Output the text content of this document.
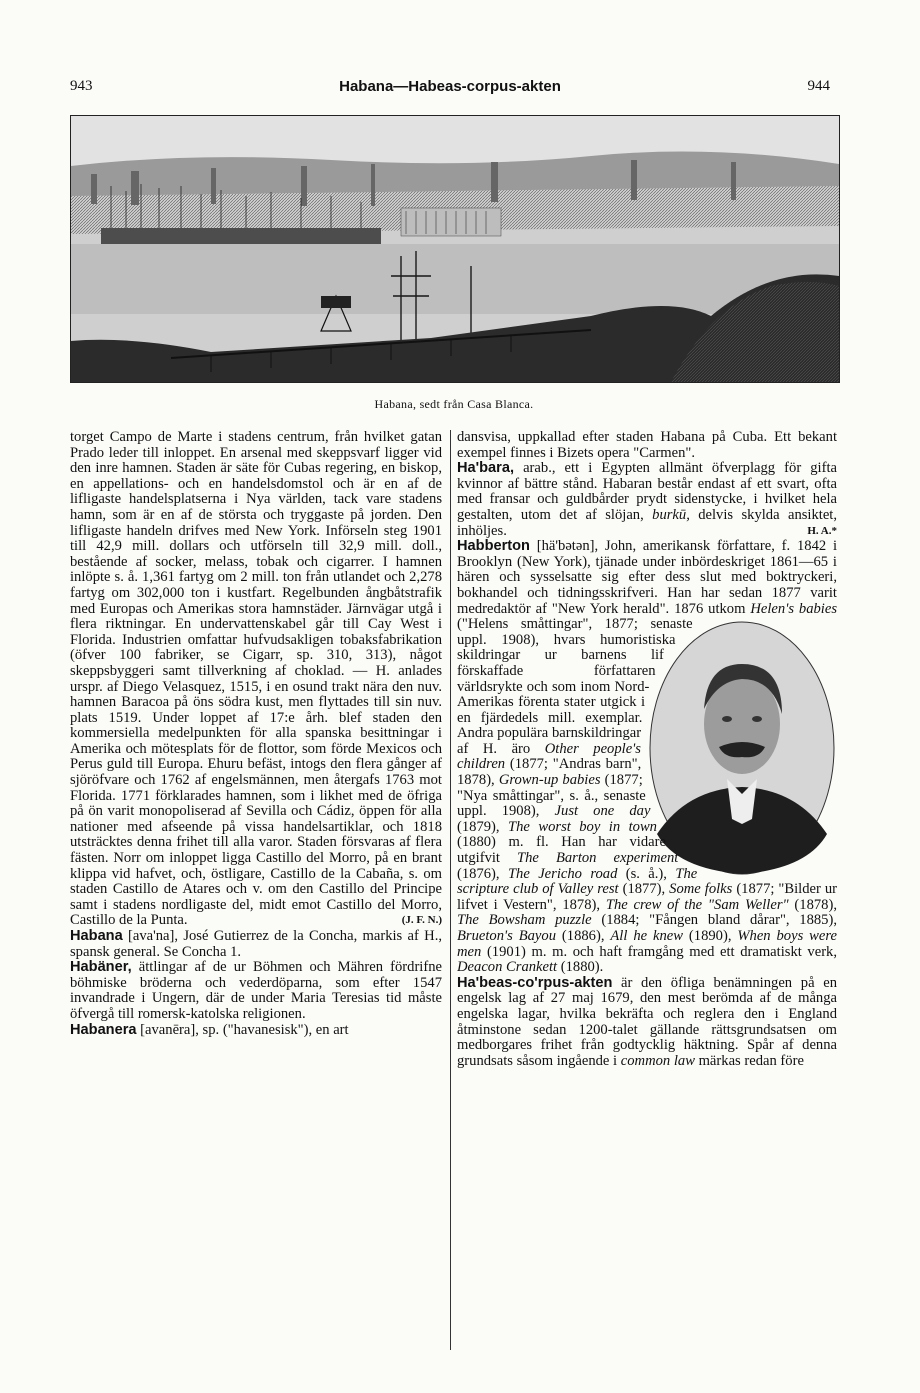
943	Habana—Habeas-corpus-akten	944
Habana, sedt från Casa Blanca.

torget Campo de Marte i stadens centrum, från hvilket gatan Prado leder till inloppet. En arsenal med skeppsvarf ligger vid den inre hamnen. Staden är säte för Cubas regering, en biskop, en appellations- och en handelsdomstol och är en af de lifligaste handelsplatserna i Nya världen, tack vare stadens hamn, som är en af de största och tryggaste på jorden. Den lifligaste handeln drifves med New York. Införseln steg 1901 till 42,9 mill. dollars och utförseln till 32,9 mill. doll., bestående af socker, melass, tobak och cigarrer. I hamnen inlöpte s. å. 1,361 fartyg om 2 mill. ton från utlandet och 2,278 fartyg om 302,000 ton i kustfart. Regelbunden ångbåtstrafik med Europas och Amerikas stora hamnstäder. Järnvägar utgå i flera riktningar. En undervattenskabel går till Cay West i Florida. Industrien omfattar hufvudsakligen tobaksfabrikation (öfver 100 fabriker, se Cigarr, sp. 310, 313), något skeppsbyggeri samt tillverkning af choklad. — H. anlades urspr. af Diego Velasquez, 1515, i en osund trakt nära den nuv. hamnen Baracoa på öns södra kust, men flyttades till sin nuv. plats 1519. Under loppet af 17:e årh. blef staden den kommersiella medelpunkten för alla spanska besittningar i Amerika och mötesplats för de flottor, som förde Mexicos och Perus guld till Europa. Ehuru befäst, intogs den flera gånger af sjöröfvare och 1762 af engelsmännen, men återgafs 1763 mot Florida. 1771 förklarades hamnen, som i likhet med de öfriga på ön varit monopoliserad af Sevilla och Cádiz, öppen för alla nationer med afseende på vissa handelsartiklar, och 1818 utsträcktes denna frihet till alla varor. Staden försvaras af flera fästen. Norr om inloppet ligga Castillo del Morro, på en brant klippa vid hafvet, och, östligare, Castillo de la Cabaña, s. om staden Castillo de Atares och v. om den Castillo del Principe samt i stadens nordligaste del, midt emot Castillo del Morro, Castillo de la Punta.	(J. F. N.)

Habana [ava'na], José Gutierrez de la Concha, markis af H., spansk general. Se Concha 1.

Habäner, ättlingar af de ur Böhmen och Mähren fördrifne böhmiske bröderna och vederdöparna, som efter 1547 invandrade i Ungern, där de under Maria Teresias tid måste öfvergå till romersk-katolska religionen.

Habanera [avanēra], sp. ("havanesisk"), en art

dansvisa, uppkallad efter staden Habana på Cuba. Ett bekant exempel finnes i Bizets opera "Carmen".

Ha'bara, arab., ett i Egypten allmänt öfverplagg för gifta kvinnor af bättre stånd. Habaran består endast af ett svart, ofta med fransar och guldbårder prydt sidenstycke, i hvilket hela gestalten, utom det af slöjan, burkū, delvis skylda ansiktet, inhöljes.	H. A.*

Habberton [hä'bətən], John, amerikansk författare, f. 1842 i Brooklyn (New York), tjänade under inbördeskriget 1861—65 i hären och sysselsatte sig efter dess slut med boktryckeri, bokhandel och tidningsskrifveri. Han har sedan 1877 varit medredaktör af "New York herald". 1876 utkom
Helen's babies ("Helens småttingar", 1877; senaste uppl. 1908), hvars humoristiska skildringar ur barnens lif förskaffade författaren världsrykte och som inom Nord-Amerikas förenta stater utgick i en fjärdedels mill. exemplar. Andra populära barnskildringar af H. äro Other people's children (1877; "Andras barn", 1878), Grown-up babies (1877; "Nya småttingar", s. å., senaste uppl. 1908), Just one day (1879), The worst boy in town (1880) m. fl. Han har vidare utgifvit The Barton experiment (1876), The Jericho road (s. å.), The scripture club of Valley rest (1877), Some folks (1877; "Bilder ur lifvet i Vestern", 1878), The crew of the "Sam Weller" (1878), The Bowsham puzzle (1884; "Fången bland dårar", 1885), Brueton's Bayou (1886), All he knew (1890), When boys were men (1901) m. m. och haft framgång med ett dramatiskt verk, Deacon Crankett (1880).

Ha'beas-co'rpus-akten är den öfliga benämningen på en engelsk lag af 27 maj 1679, den mest berömda af de många engelska lagar, hvilka bekräfta och reglera den i England åtminstone sedan 1200-talet gällande rättsgrundsatsen om medborgares frihet från godtycklig häktning. Spår af denna grundsats såsom ingående i common law märkas redan före
